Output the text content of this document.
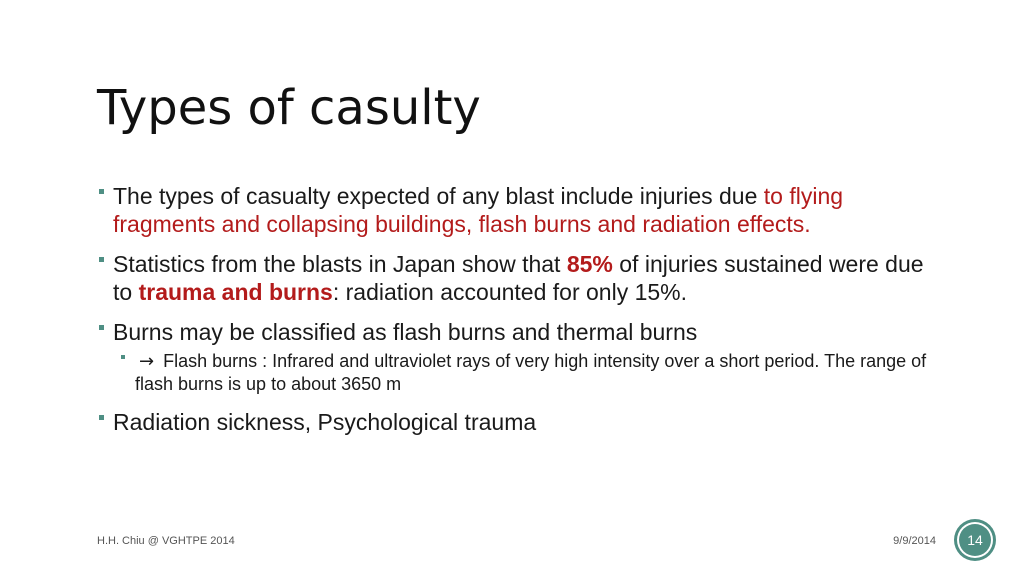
Types of casulty
The types of casualty expected of any blast include injuries due to flying fragments and collapsing buildings, flash burns and radiation effects.
Statistics from the blasts in Japan show that 85% of injuries sustained were due to trauma and burns: radiation accounted for only 15%.
Burns may be classified as flash burns and thermal burns
→ Flash burns : Infrared and ultraviolet rays of very high intensity over a short period. The range of flash burns is up to about 3650 m
Radiation sickness, Psychological trauma
H.H. Chiu @ VGHTPE 2014	9/9/2014	14
